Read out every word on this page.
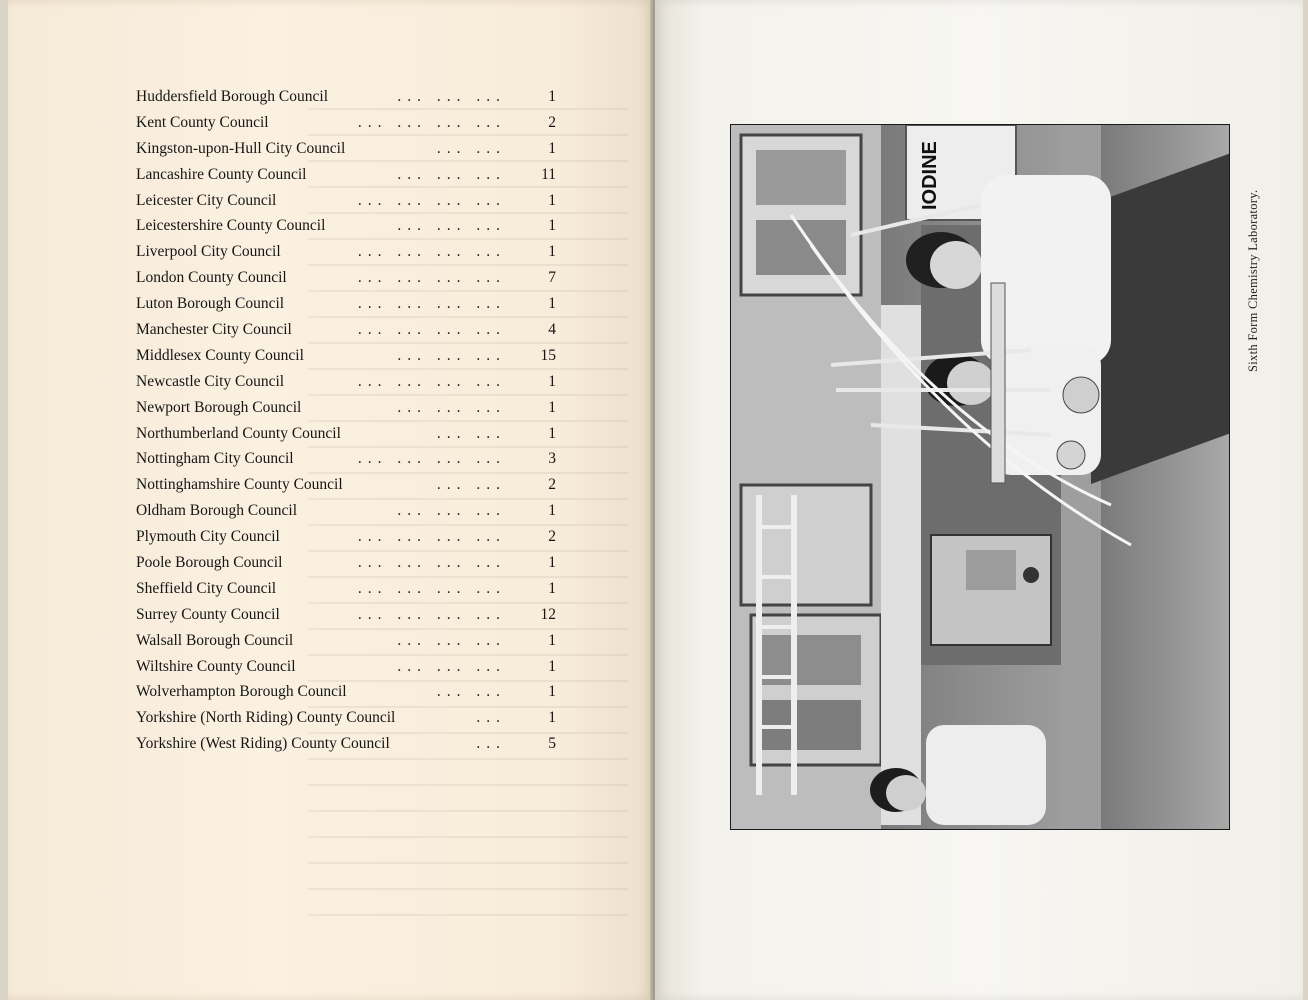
Huddersfield Borough Council	... ... ...	1
Kent County Council	... ... ... ...	2
Kingston-upon-Hull City Council	... ...	1
Lancashire County Council	... ... ...	11
Leicester City Council	... ... ... ...	1
Leicestershire County Council	... ... ...	1
Liverpool City Council	... ... ... ...	1
London County Council	... ... ... ...	7
Luton Borough Council	... ... ... ...	1
Manchester City Council	... ... ... ...	4
Middlesex County Council	... ... ...	15
Newcastle City Council	... ... ... ...	1
Newport Borough Council	... ... ...	1
Northumberland County Council	... ...	1
Nottingham City Council	... ... ... ...	3
Nottinghamshire County Council	... ...	2
Oldham Borough Council	... ... ...	1
Plymouth City Council	... ... ... ...	2
Poole Borough Council	... ... ... ...	1
Sheffield City Council	... ... ... ...	1
Surrey County Council	... ... ... ...	12
Walsall Borough Council	... ... ...	1
Wiltshire County Council	... ... ...	1
Wolverhampton Borough Council	... ...	1
Yorkshire (North Riding) County Council	...	1
Yorkshire (West Riding) County Council	...	5
IODINE
Sixth Form Chemistry Laboratory.
